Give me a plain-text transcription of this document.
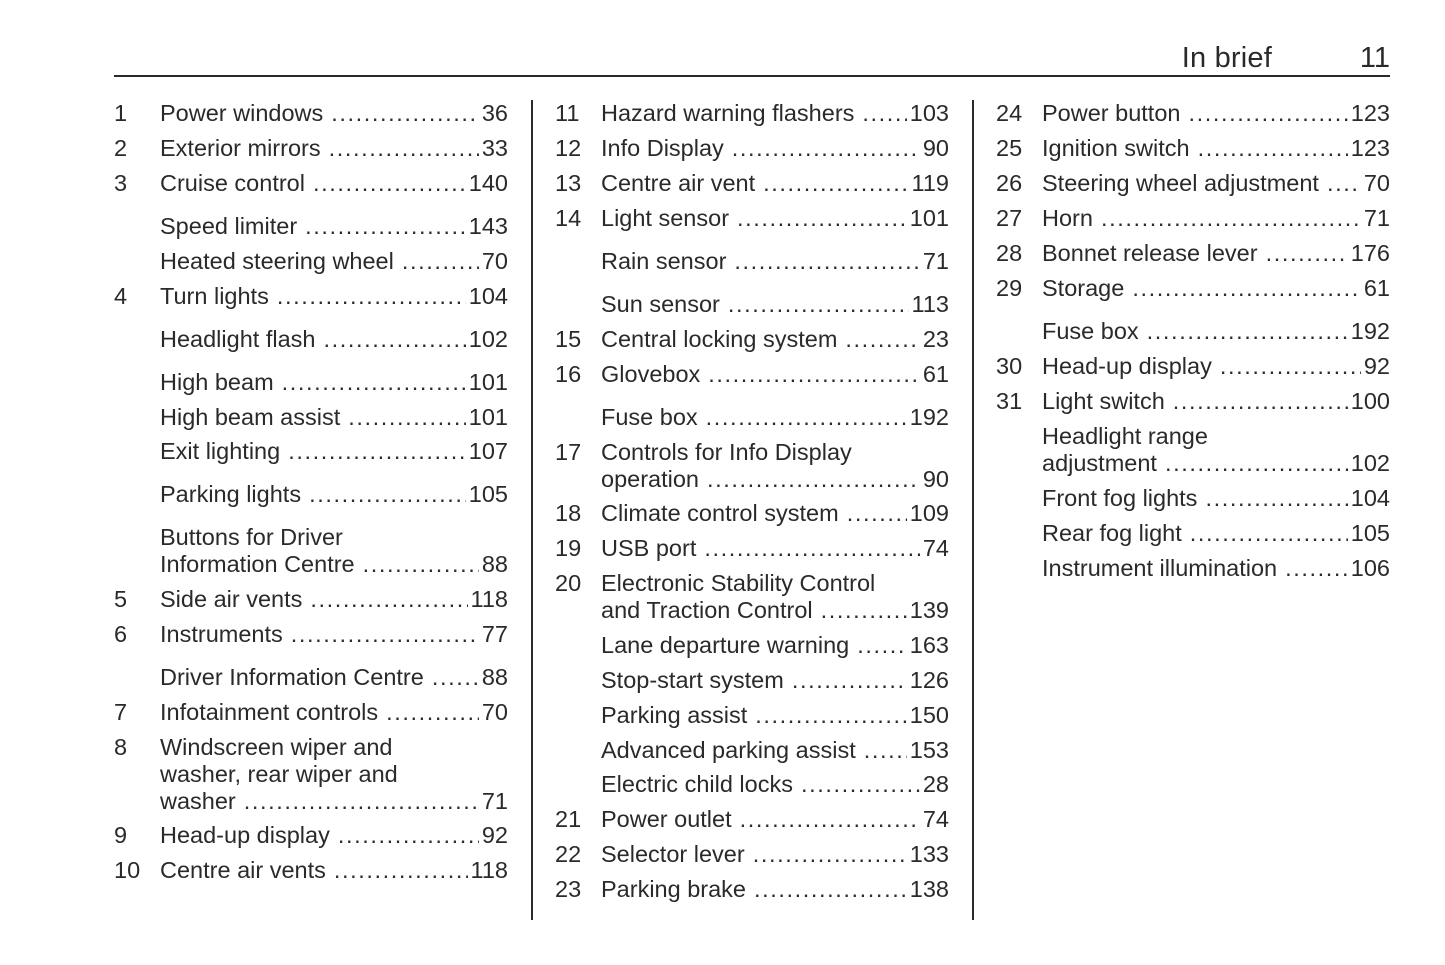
In brief	11
1 Power windows .....	36
2 Exterior mirrors .....	33
3 Cruise control .....	140
Speed limiter .....	143
Heated steering wheel .....	70
4 Turn lights .....	104
Headlight flash .....	102
High beam .....	101
High beam assist .....	101
Exit lighting .....	107
Parking lights .....	105
Buttons for Driver
Information Centre .....	88
5 Side air vents .....	118
6 Instruments .....	77
Driver Information Centre ..... 88
7 Infotainment controls .....	70
8 Windscreen wiper and
washer, rear wiper and
washer .....	71
9 Head-up display .....	92
10 Centre air vents .....	118
11 Hazard warning flashers ..... 103
12 Info Display .....	90
13 Centre air vent .....	119
14 Light sensor .....	101
Rain sensor .....	71
Sun sensor .....	113
15 Central locking system .....	23
16 Glovebox .....	61
Fuse box .....	192
17 Controls for Info Display
operation .....	90
18 Climate control system .....	109
19 USB port .....	74
20 Electronic Stability Control
and Traction Control .....	139
Lane departure warning .....	163
Stop-start system .....	126
Parking assist .....	150
Advanced parking assist ..... 153
Electric child locks .....	28
21 Power outlet .....	74
22 Selector lever .....	133
23 Parking brake .....	138
24 Power button .....	123
25 Ignition switch .....	123
26 Steering wheel adjustment ..... 70
27 Horn .....	71
28 Bonnet release lever .....	176
29 Storage .....	61
Fuse box .....	192
30 Head-up display .....	92
31 Light switch .....	100
Headlight range
adjustment .....	102
Front fog lights .....	104
Rear fog light .....	105
Instrument illumination .....	106
